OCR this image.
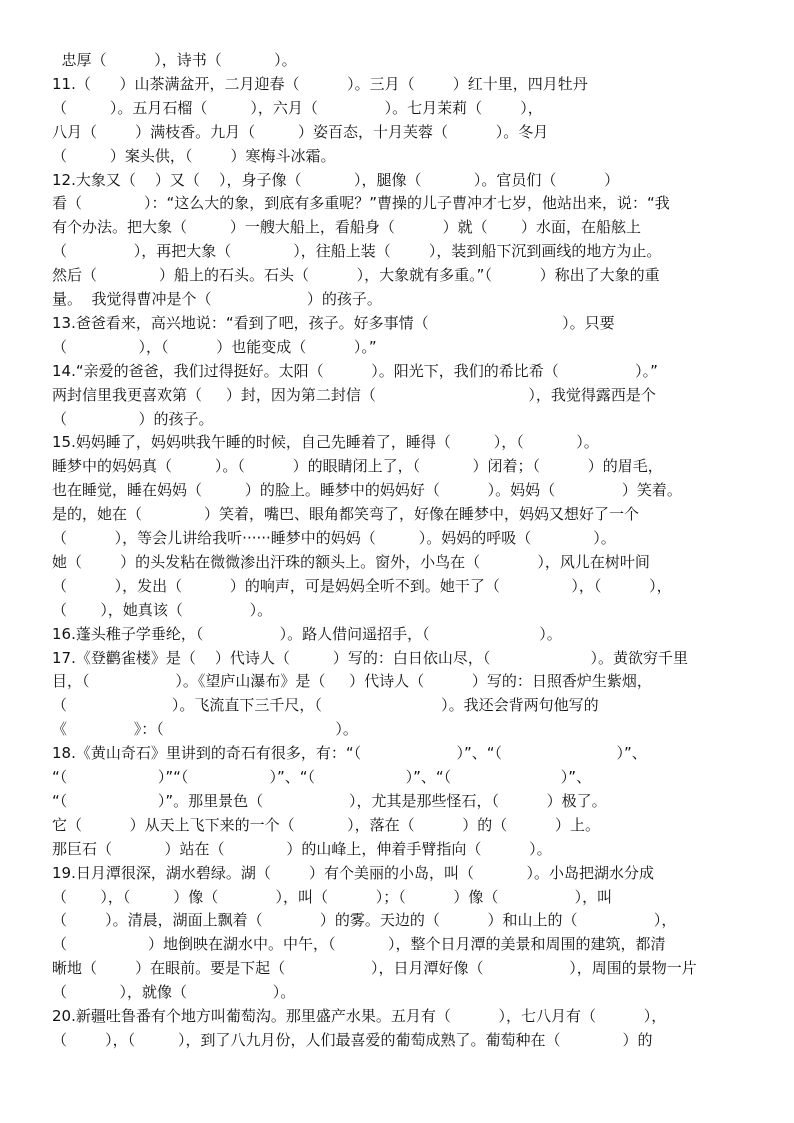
忠厚（          ），诗书（           ）。
11.（      ）山茶满盆开，二月迎春（          ）。三月（        ）红十里，四月牡丹
（         ）。五月石榴（         ），六月（              ）。七月茉莉（        ），
八月（        ）满枝香。九月（         ）姿百态，十月芙蓉（          ）。冬月
（         ）案头供，（        ）寒梅斗冰霜。
12.大象又（    ）又（    ），身子像（           ），腿像（           ）。官员们（          ）
看（             ）：“这么大的象，到底有多重呢？”曹操的儿子曹冲才七岁，他站出来，说：“我
有个办法。把大象（         ）一艘大船上，看船身（          ）就（       ）水面，在船舷上
（              ），再把大象（             ），往船上装（        ），装到船下沉到画线的地方为止。
然后（             ）船上的石头。石头（          ），大象就有多重。”（          ）称出了大象的重
量。  我觉得曹冲是个（                    ）的孩子。
13.爸爸看来，高兴地说：“看到了吧，孩子。好多事情（                            ）。只要
（               ），（          ）也能变成（          ）。”
14.“亲爱的爸爸，我们过得挺好。太阳（          ）。阳光下，我们的希比希（                ）。”
两封信里我更喜欢第（     ）封，因为第二封信（                                ），我觉得露西是个
（               ）的孩子。
15.妈妈睡了，妈妈哄我午睡的时候，自己先睡着了，睡得（         ），（           ）。
睡梦中的妈妈真（         ）。（          ）的眼睛闭上了，（           ）闭着；（          ）的眉毛，
也在睡觉，睡在妈妈（         ）的脸上。睡梦中的妈妈好（          ）。妈妈（              ）笑着。
是的，她在（             ）笑着，嘴巴、眼角都笑弯了，好像在睡梦中，妈妈又想好了一个
（          ），等会儿讲给我听······睡梦中的妈妈（         ）。妈妈的呼吸（             ）。
她（        ）的头发粘在微微渗出汗珠的额头上。窗外，小鸟在（            ），风儿在树叶间
（          ），发出（          ）的响声，可是妈妈全听不到。她干了（               ），（          ），
（       ），她真该（              ）。
16.蓬头稚子学垂纶，（                ）。路人借问遥招手，（                       ）。
17.《登鹳雀楼》是（    ）代诗人（         ）写的：白日依山尽，（                     ）。黄欲穷千里
目，（                  ）。《望庐山瀑布》是（     ）代诗人（          ）写的：日照香炉生紫烟，
（                      ）。飞流直下三千尺，（                         ）。我还会背两句他写的
《              》：（                                    ）。
18.《黄山奇石》里讲到的奇石有很多，有：“（                    ）”、“（                        ）”、
“（                   ）”“（                 ）”、“（                   ）”、“（                       ）”、
“（                   ）”。那里景色（                  ），尤其是那些怪石，（          ）极了。
它（          ）从天上飞下来的一个（           ），落在（          ）的（          ）上。
那巨石（           ）站在（             ）的山峰上，伸着手臂指向（          ）。
19.日月潭很深，湖水碧绿。湖（        ）有个美丽的小岛，叫（           ）。小岛把湖水分成
（       ），（         ）像（            ），叫（          ）；（          ）像（                ），叫
（        ）。清晨，湖面上飘着（            ）的雾。天边的（          ）和山上的（                ），
（                 ）地倒映在湖水中。中午，（           ），整个日月潭的美景和周围的建筑，都清
晰地（        ）在眼前。要是下起（                  ），日月潭好像（                  ），周围的景物一片
（           ），就像（                  ）。
20.新疆吐鲁番有个地方叫葡萄沟。那里盛产水果。五月有（          ），七八月有（          ），
（        ），（         ），到了八九月份，人们最喜爱的葡萄成熟了。葡萄种在（             ）的
